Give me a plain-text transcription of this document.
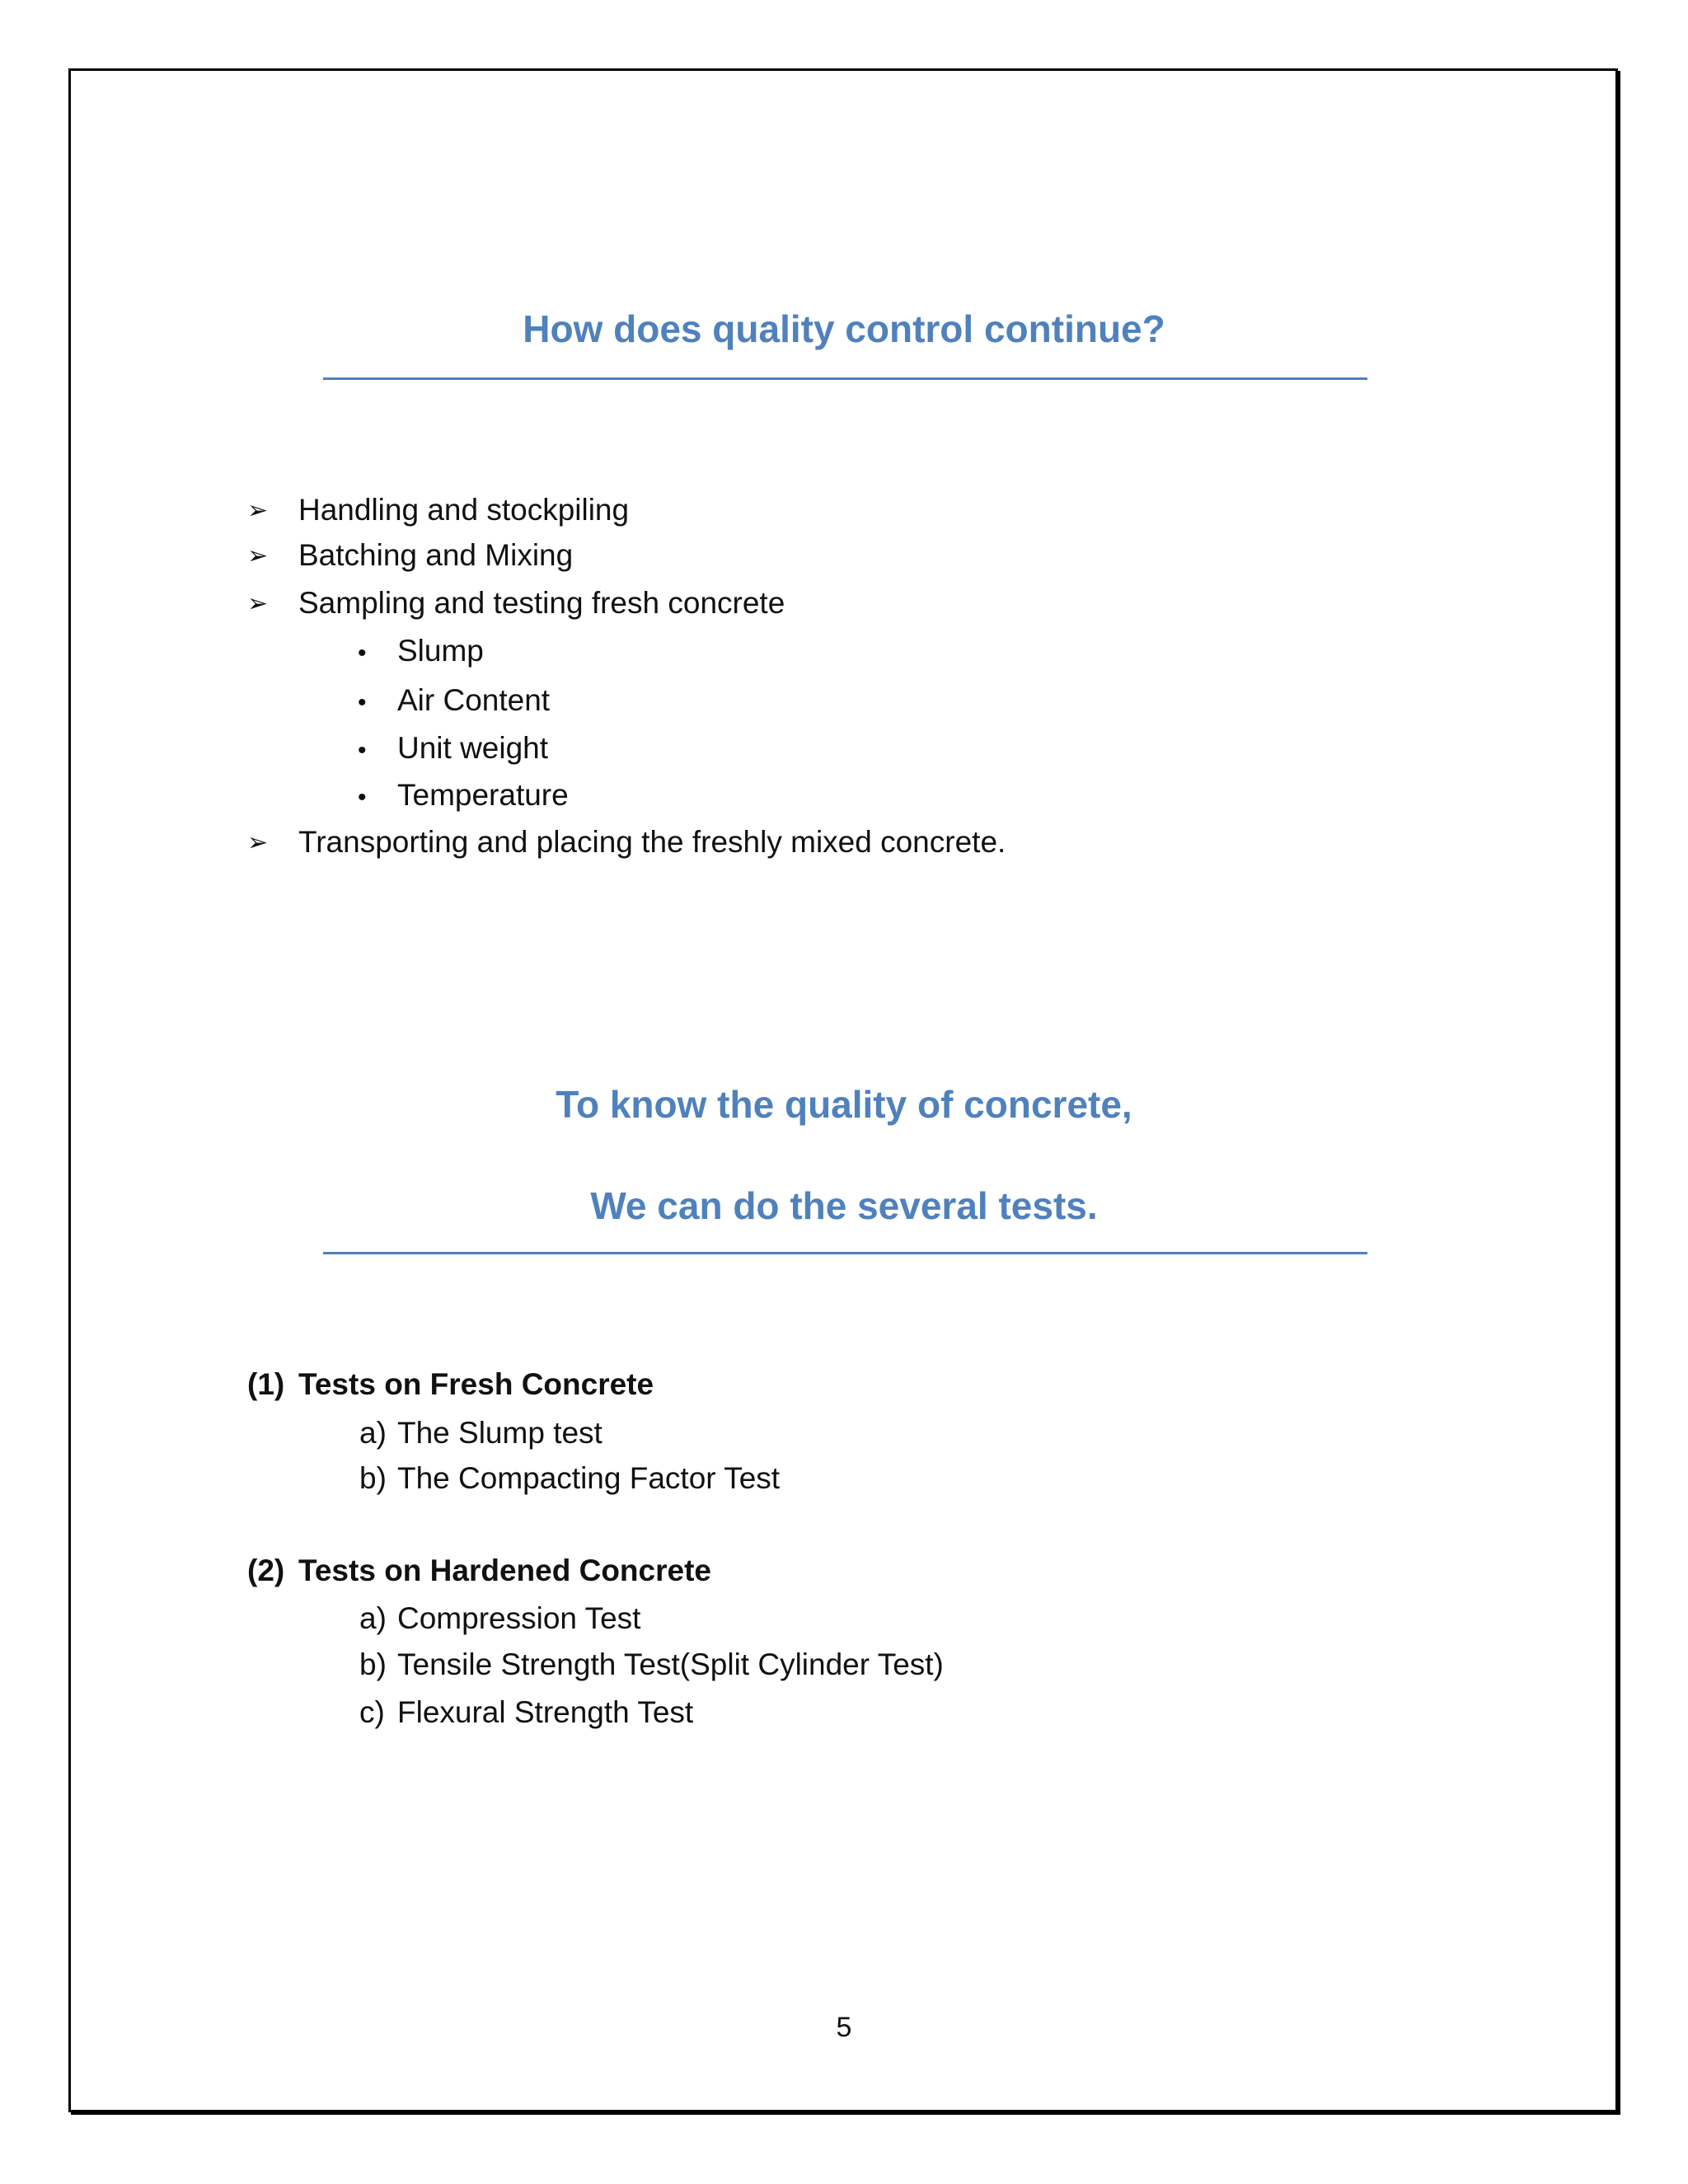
How does quality control continue?
➢ Handling and stockpiling
➢ Batching and Mixing
➢ Sampling and testing fresh concrete
• Slump
• Air Content
• Unit weight
• Temperature
➢ Transporting and placing the freshly mixed concrete.
To know the quality of concrete,
We can do the several tests.
(1) Tests on Fresh Concrete
a) The Slump test
b) The Compacting Factor Test
(2) Tests on Hardened Concrete
a) Compression Test
b) Tensile Strength Test(Split Cylinder Test)
c) Flexural Strength Test
5
